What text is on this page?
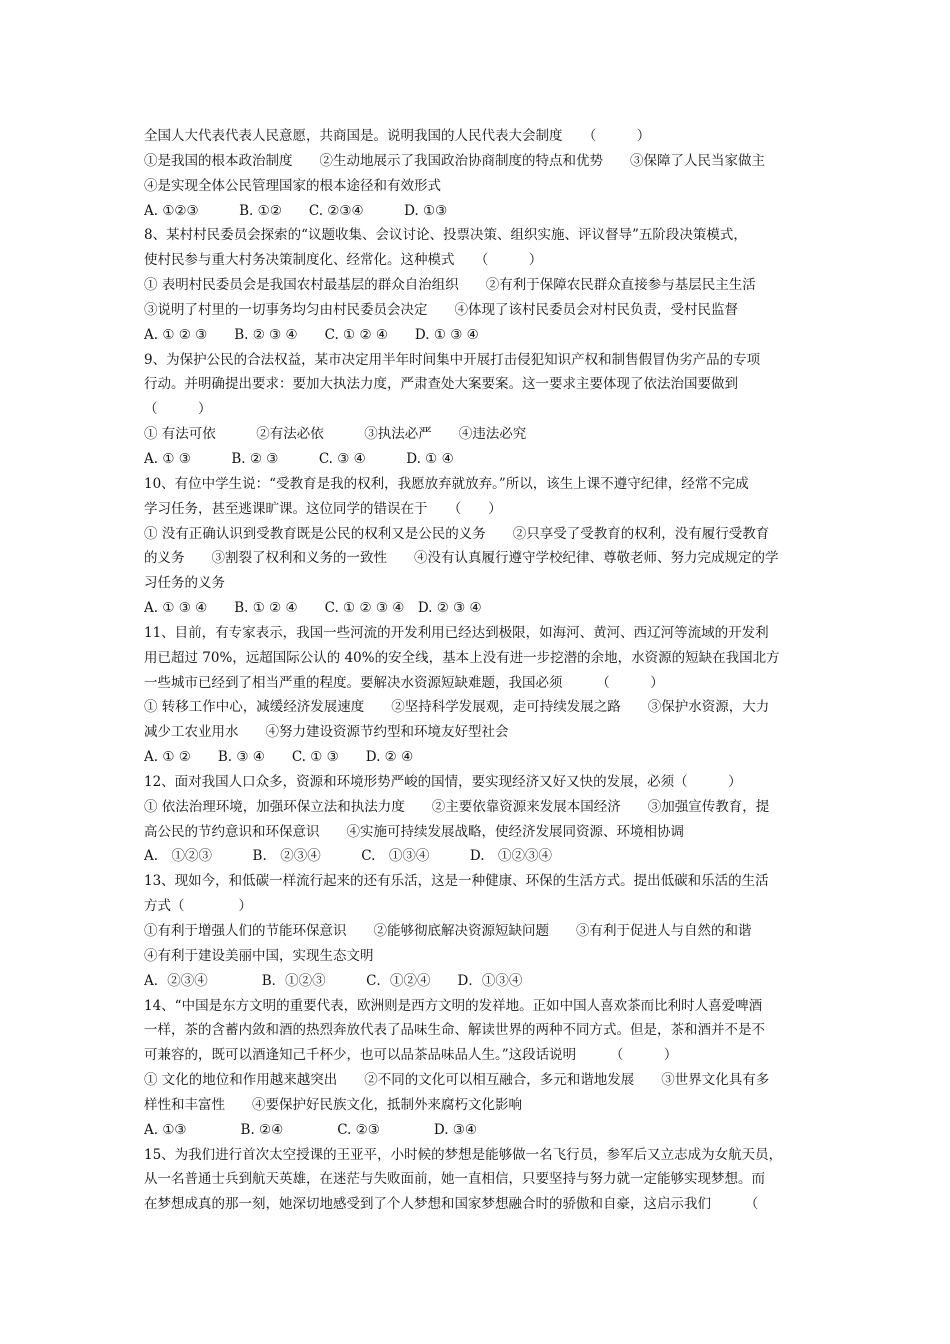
全国人大代表代表人民意愿，共商国是。说明我国的人民代表大会制度　　（　　　）
①是我国的根本政治制度　　②生动地展示了我国政治协商制度的特点和优势　　③保障了人民当家做主
④是实现全体公民管理国家的根本途径和有效形式
A. ①②③　　　B. ①②　　C. ②③④　　　D. ①③
8、某村村民委员会探索的“议题收集、会议讨论、投票决策、组织实施、评议督导”五阶段决策模式，
使村民参与重大村务决策制度化、经常化。这种模式　　（　　　）
① 表明村民委员会是我国农村最基层的群众自治组织　　②有利于保障农民群众直接参与基层民主生活
③说明了村里的一切事务均匀由村民委员会决定　　④体现了该村民委员会对村民负责，受村民监督
A. ① ② ③　　B. ② ③ ④　　C. ① ② ④　　D. ① ③ ④
9、为保护公民的合法权益，某市决定用半年时间集中开展打击侵犯知识产权和制售假冒伪劣产品的专项
行动。并明确提出要求：要加大执法力度，严肃查处大案要案。这一要求主要体现了依法治国要做到
（　　　）
① 有法可依　　　②有法必依　　　③执法必严　　④违法必究
A. ① ③　　　B. ② ③　　　C. ③ ④　　　D. ① ④
10、有位中学生说：“受教育是我的权利，我愿放弃就放弃。”所以，该生上课不遵守纪律，经常不完成
学习任务，甚至逃课旷课。这位同学的错误在于　　（　　）
① 没有正确认识到受教育既是公民的权利又是公民的义务　　②只享受了受教育的权利，没有履行受教育
的义务　　③割裂了权利和义务的一致性　　④没有认真履行遵守学校纪律、尊敬老师、努力完成规定的学
习任务的义务
A. ① ③ ④　　B. ① ② ④　　C. ① ② ③ ④　D. ② ③ ④
11、目前，有专家表示，我国一些河流的开发利用已经达到极限，如海河、黄河、西辽河等流域的开发利
用已超过 70%，远超国际公认的 40%的安全线，基本上没有进一步挖潜的余地，水资源的短缺在我国北方
一些城市已经到了相当严重的程度。要解决水资源短缺难题，我国必须　　　（　　　）
① 转移工作中心，减缓经济发展速度　　②坚持科学发展观，走可持续发展之路　　③保护水资源，大力
减少工农业用水　　④努力建设资源节约型和环境友好型社会
A. ① ②　　B. ③ ④　　C. ① ③　　D. ② ④
12、面对我国人口众多，资源和环境形势严峻的国情，要实现经济又好又快的发展，必须（　　　）
① 依法治理环境，加强环保立法和执法力度　　②主要依靠资源来发展本国经济　　③加强宣传教育，提
高公民的节约意识和环保意识　　④实施可持续发展战略，使经济发展同资源、环境相协调
A.　①②③　　　B.　②③④　　　C.　①③④　　　D.　①②③④
13、现如今，和低碳一样流行起来的还有乐活，这是一种健康、环保的生活方式。提出低碳和乐活的生活
方式（　　　　）
①有利于增强人们的节能环保意识　　②能够彻底解决资源短缺问题　　③有利于促进人与自然的和谐
④有利于建设美丽中国，实现生态文明
A．②③④　　　　B．①②③　　　C．①②④　　D．①③④
14、“中国是东方文明的重要代表，欧洲则是西方文明的发祥地。正如中国人喜欢茶而比利时人喜爱啤酒
一样，茶的含蓄内敛和酒的热烈奔放代表了品味生命、解读世界的两种不同方式。但是，茶和酒并不是不
可兼容的，既可以酒逢知己千杯少，也可以品茶品味品人生。”这段话说明　　　（　　　）
① 文化的地位和作用越来越突出　　②不同的文化可以相互融合，多元和谐地发展　　③世界文化具有多
样性和丰富性　　④要保护好民族文化，抵制外来腐朽文化影响
A. ①③　　　　B. ②④　　　　C. ②③　　　　D. ③④
15、为我们进行首次太空授课的王亚平，小时候的梦想是能够做一名飞行员，参军后又立志成为女航天员，
从一名普通士兵到航天英雄，在迷茫与失败面前，她一直相信，只要坚持与努力就一定能够实现梦想。而
在梦想成真的那一刻，她深切地感受到了个人梦想和国家梦想融合时的骄傲和自豪，这启示我们　　　（
